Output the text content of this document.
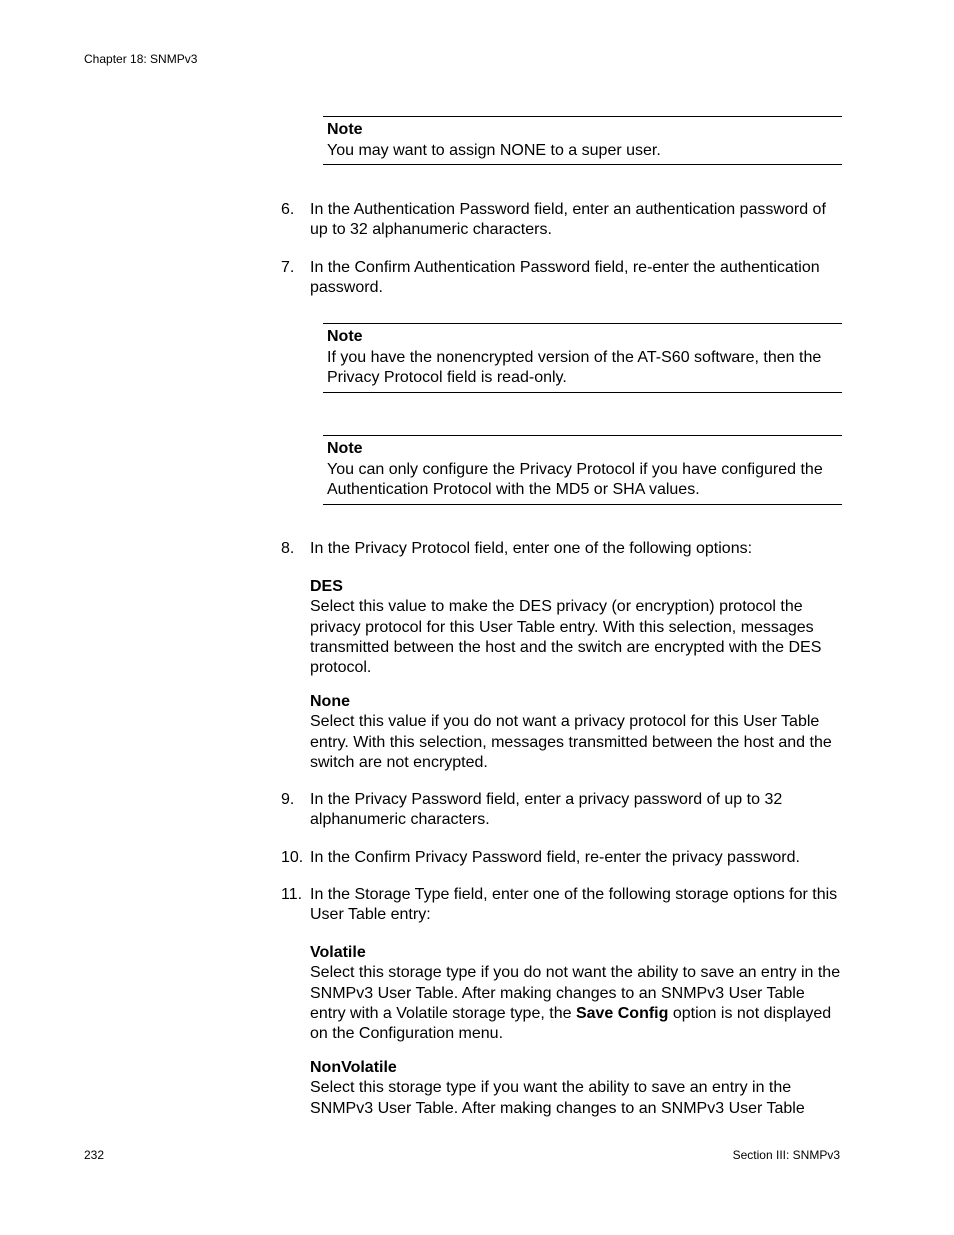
Chapter 18: SNMPv3
Note
You may want to assign NONE to a super user.
6. In the Authentication Password field, enter an authentication password of up to 32 alphanumeric characters.
7. In the Confirm Authentication Password field, re-enter the authentication password.
Note
If you have the nonencrypted version of the AT-S60 software, then the Privacy Protocol field is read-only.
Note
You can only configure the Privacy Protocol if you have configured the Authentication Protocol with the MD5 or SHA values.
8. In the Privacy Protocol field, enter one of the following options:
DES
Select this value to make the DES privacy (or encryption) protocol the privacy protocol for this User Table entry. With this selection, messages transmitted between the host and the switch are encrypted with the DES protocol.
None
Select this value if you do not want a privacy protocol for this User Table entry. With this selection, messages transmitted between the host and the switch are not encrypted.
9. In the Privacy Password field, enter a privacy password of up to 32 alphanumeric characters.
10. In the Confirm Privacy Password field, re-enter the privacy password.
11. In the Storage Type field, enter one of the following storage options for this User Table entry:
Volatile
Select this storage type if you do not want the ability to save an entry in the SNMPv3 User Table. After making changes to an SNMPv3 User Table entry with a Volatile storage type, the Save Config option is not displayed on the Configuration menu.
NonVolatile
Select this storage type if you want the ability to save an entry in the SNMPv3 User Table. After making changes to an SNMPv3 User Table
232	Section III: SNMPv3
